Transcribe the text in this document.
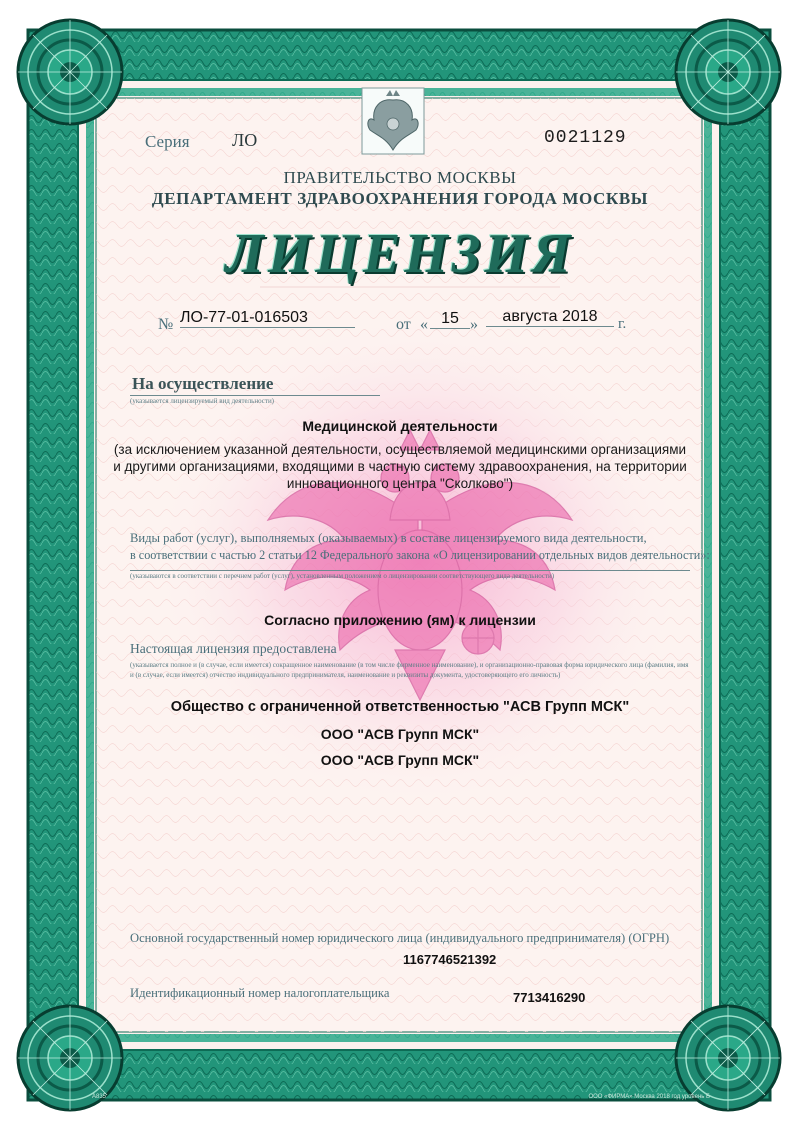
Серия ЛО	0021129
ПРАВИТЕЛЬСТВО МОСКВЫ
ДЕПАРТАМЕНТ ЗДРАВООХРАНЕНИЯ ГОРОДА МОСКВЫ
ЛИЦЕНЗИЯ
№ ЛО-77-01-016503	от « 15 »	августа 2018	г.
На осуществление
(указывается лицензируемый вид деятельности)
Медицинской деятельности
(за исключением указанной деятельности, осуществляемой медицинскими организациями и другими организациями, входящими в частную систему здравоохранения, на территории инновационного центра "Сколково")
Виды работ (услуг), выполняемых (оказываемых) в составе лицензируемого вида деятельности,
в соответствии с частью 2 статьи 12 Федерального закона «О лицензировании отдельных видов деятельности»:
(указываются в соответствии с перечнем работ (услуг), установленным положением о лицензировании соответствующего вида деятельности)
Согласно приложению (ям) к лицензии
Настоящая лицензия предоставлена
(указывается полное и (в случае, если имеется) сокращенное наименование (в том числе фирменное наименование), и организационно-правовая форма юридического лица (фамилия, имя и (в случае, если имеется) отчество индивидуального предпринимателя, наименование и реквизиты документа, удостоверяющего его личность)
Общество с ограниченной ответственностью "АСВ Групп МСК"
ООО "АСВ Групп МСК"
ООО "АСВ Групп МСК"
Основной государственный номер юридического лица (индивидуального предпринимателя) (ОГРН)
1167746521392
Идентификационный номер налогоплательщика	7713416290
А835	ООО «ФИРМА» Москва 2018 год уровень Б
